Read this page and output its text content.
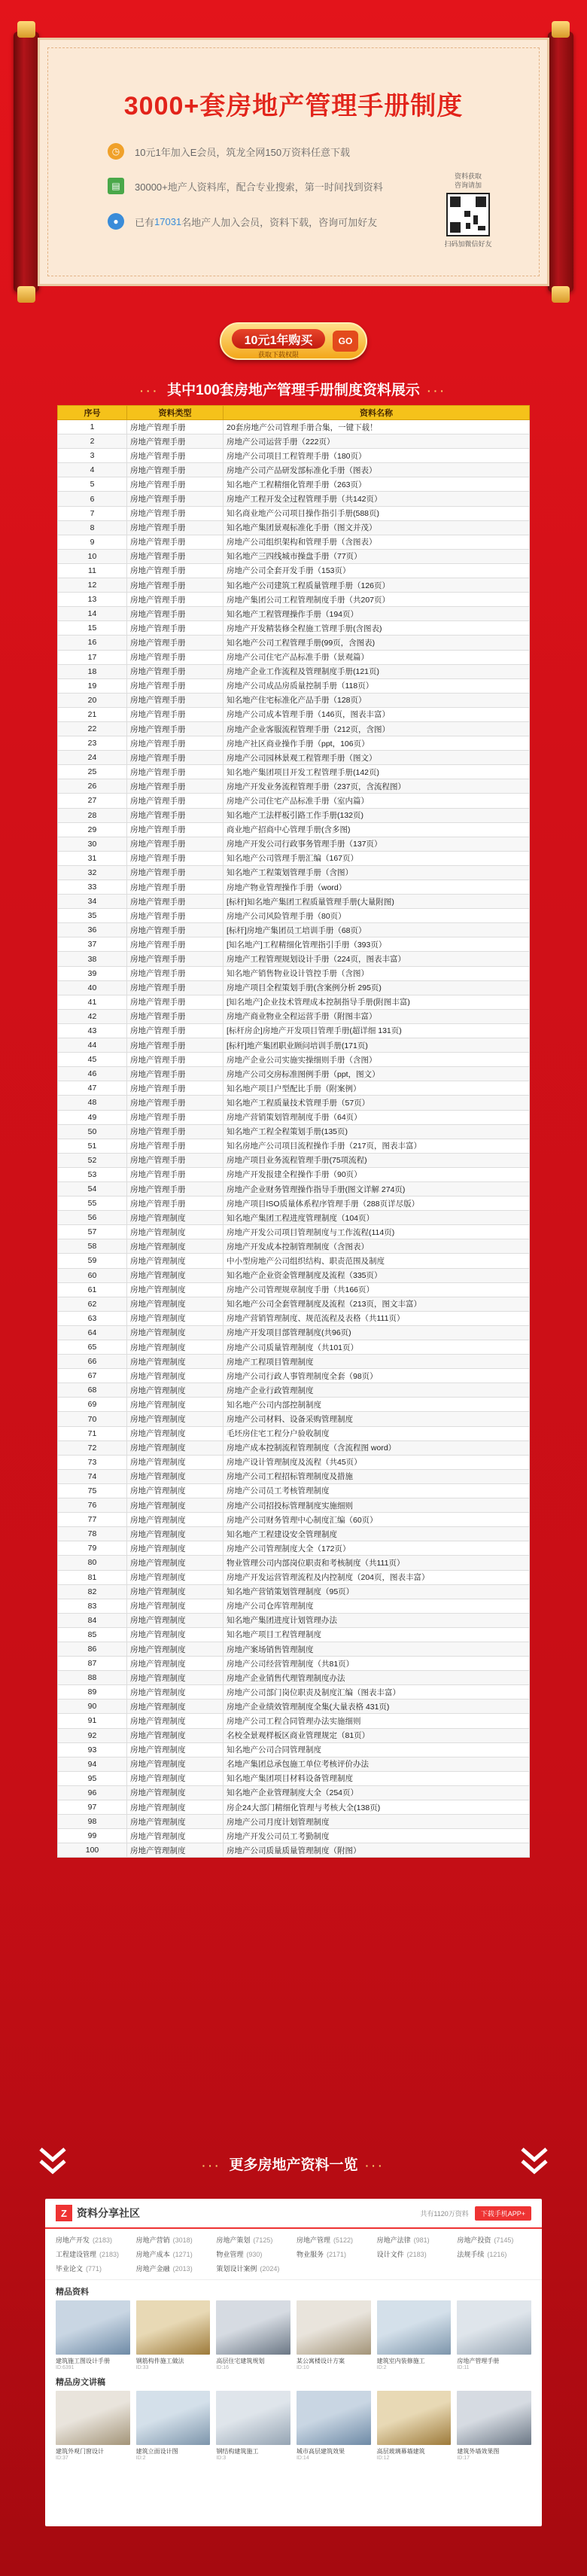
3000+套房地产管理手册制度
◷	10元1年加入E会员，筑龙全网150万资料任意下载
▤	30000+地产人资料库，配合专业搜索，第一时间找到资料
●	已有 17031 名地产人加入会员，资料下载，咨询可加好友
资料获取
咨询请加
扫码加微信好友
10元1年购买
获取下载权限
GO
··· 其中100套房地产管理手册制度资料展示 ···
序号	资料类型	资料名称
1	房地产管理手册	20套房地产公司管理手册合集，一键下载！
2	房地产管理手册	房地产公司运营手册（222页）
3	房地产管理手册	房地产公司项目工程管理手册（180页）
4	房地产管理手册	房地产公司产品研发部标准化手册（图表）
5	房地产管理手册	知名地产工程精细化管理手册（263页）
6	房地产管理手册	房地产工程开发全过程管理手册（共142页）
7	房地产管理手册	知名商业地产公司项目操作指引手册(588页)
8	房地产管理手册	知名地产集团景观标准化手册（图文并茂）
9	房地产管理手册	房地产公司组织架构和管理手册（含图表）
10	房地产管理手册	知名地产三四线城市操盘手册（77页）
11	房地产管理手册	房地产公司全套开发手册（153页）
12	房地产管理手册	知名地产公司建筑工程质量管理手册（126页）
13	房地产管理手册	房地产集团公司工程管理制度手册（共207页）
14	房地产管理手册	知名地产工程管理操作手册（194页）
15	房地产管理手册	房地产开发精装修全程施工管理手册(含图表)
16	房地产管理手册	知名地产公司工程管理手册(99页，含图表)
17	房地产管理手册	房地产公司住宅产品标准手册（景观篇）
18	房地产管理手册	房地产企业工作流程及管理制度手册(121页)
19	房地产管理手册	房地产公司成品房质量控制手册（118页）
20	房地产管理手册	知名地产住宅标准化产品手册（128页）
21	房地产管理手册	房地产公司成本管理手册（146页，图表丰富）
22	房地产管理手册	房地产企业客服流程管理手册（212页，含图）
23	房地产管理手册	房地产社区商业操作手册（ppt，106页）
24	房地产管理手册	房地产公司园林景观工程管理手册（图文）
25	房地产管理手册	知名地产集团项目开发工程管理手册(142页)
26	房地产管理手册	房地产开发业务流程管理手册（237页，含流程图）
27	房地产管理手册	房地产公司住宅产品标准手册（室内篇）
28	房地产管理手册	知名地产工法样板引路工作手册(132页)
29	房地产管理手册	商业地产招商中心管理手册(含多图)
30	房地产管理手册	房地产开发公司行政事务管理手册（137页）
31	房地产管理手册	知名地产公司管理手册汇编（167页）
32	房地产管理手册	知名地产工程策划管理手册（含图）
33	房地产管理手册	房地产物业管理操作手册（word）
34	房地产管理手册	[标杆]知名地产集团工程质量管理手册(大量附图)
35	房地产管理手册	房地产公司风险管理手册（80页）
36	房地产管理手册	[标杆]房地产集团员工培训手册（68页）
37	房地产管理手册	[知名地产]工程精细化管理指引手册（393页）
38	房地产管理手册	房地产工程管理规划设计手册（224页，图表丰富）
39	房地产管理手册	知名地产销售物业设计管控手册（含图）
40	房地产管理手册	房地产项目全程策划手册(含案例分析 295页)
41	房地产管理手册	[知名地产]企业技术管理成本控制指导手册(附图丰富)
42	房地产管理手册	房地产商业物业全程运营手册（附图丰富）
43	房地产管理手册	[标杆房企]房地产开发项目管理手册(超详细 131页)
44	房地产管理手册	[标杆]地产集团职业顾问培训手册(171页)
45	房地产管理手册	房地产企业公司实施实操细则手册（含图）
46	房地产管理手册	房地产公司交房标准图例手册（ppt，图文）
47	房地产管理手册	知名地产项目户型配比手册（附案例）
48	房地产管理手册	知名地产工程质量技术管理手册（57页）
49	房地产管理手册	房地产营销策划管理制度手册（64页）
50	房地产管理手册	知名地产工程全程策划手册(135页)
51	房地产管理手册	知名房地产公司项目流程操作手册（217页，图表丰富）
52	房地产管理手册	房地产项目业务流程管理手册(75项流程)
53	房地产管理手册	房地产开发报建全程操作手册（90页）
54	房地产管理手册	房地产企业财务管理操作指导手册(图文详解 274页)
55	房地产管理手册	房地产项目ISO质量体系程序管理手册（288页详尽版）
56	房地产管理制度	知名地产集团工程进度管理制度（104页）
57	房地产管理制度	房地产开发公司项目管理制度与工作流程(114页)
58	房地产管理制度	房地产开发成本控制管理制度（含图表）
59	房地产管理制度	中小型房地产公司组织结构、职责范围及制度
60	房地产管理制度	知名地产企业资金管理制度及流程（335页）
61	房地产管理制度	房地产公司管理规章制度手册（共166页）
62	房地产管理制度	知名地产公司全套管理制度及流程（213页，图文丰富）
63	房地产管理制度	房地产营销管理制度、规范流程及表格（共111页）
64	房地产管理制度	房地产开发项目部管理制度(共96页)
65	房地产管理制度	房地产公司质量管理制度（共101页）
66	房地产管理制度	房地产工程项目管理制度
67	房地产管理制度	房地产公司行政人事管理制度全套（98页）
68	房地产管理制度	房地产企业行政管理制度
69	房地产管理制度	知名地产公司内部控制制度
70	房地产管理制度	房地产公司材料、设备采购管理制度
71	房地产管理制度	毛坯房住宅工程分户验收制度
72	房地产管理制度	房地产成本控制流程管理制度（含流程图 word）
73	房地产管理制度	房地产设计管理制度及流程（共45页）
74	房地产管理制度	房地产公司工程招标管理制度及措施
75	房地产管理制度	房地产公司员工考核管理制度
76	房地产管理制度	房地产公司招投标管理制度实施细则
77	房地产管理制度	房地产公司财务管理中心制度汇编（60页）
78	房地产管理制度	知名地产工程建设安全管理制度
79	房地产管理制度	房地产公司管理制度大全（172页）
80	房地产管理制度	物业管理公司内部岗位职责和考核制度（共111页）
81	房地产管理制度	房地产开发运营管理流程及内控制度（204页，图表丰富）
82	房地产管理制度	知名地产营销策划管理制度（95页）
83	房地产管理制度	房地产公司仓库管理制度
84	房地产管理制度	知名地产集团进度计划管理办法
85	房地产管理制度	知名地产项目工程管理制度
86	房地产管理制度	房地产案场销售管理制度
87	房地产管理制度	房地产公司经营管理制度（共81页）
88	房地产管理制度	房地产企业销售代理管理制度办法
89	房地产管理制度	房地产公司部门岗位职责及制度汇编（图表丰富）
90	房地产管理制度	房地产企业绩效管理制度全集(大量表格 431页)
91	房地产管理制度	房地产公司工程合同管理办法实施细则
92	房地产管理制度	名校全景观样板区商业管理规定（81页）
93	房地产管理制度	知名地产公司合同管理制度
94	房地产管理制度	名地产集团总承包施工单位考核评价办法
95	房地产管理制度	知名地产集团项目材料设备管理制度
96	房地产管理制度	知名地产企业管理制度大全（254页）
97	房地产管理制度	房企24大部门精细化管理与考核大全(138页)
98	房地产管理制度	房地产公司月度计划管理制度
99	房地产管理制度	房地产开发公司员工考勤制度
100	房地产管理制度	房地产公司质量质量管理制度（附图）
··· 更多房地产资料一览 ···
Z 资料分享社区	共有1120万资料	下载手机APP+
房地产开发 (2183)	房地产营销 (3018)	房地产策划 (7125)	房地产管理 (5122)	房地产法律 (981)	房地产投资 (7145)
工程建设管理 (2183)	房地产成本 (1271)	物业管理 (930)	物业服务 (2171)	设计文件 (2183)	法规手续 (1216)
毕业论文 (771)	房地产金融 (2013)	策划设计案例 (2024)
精品资料
建筑施工图设计手册
ID:6391
钢筋构件施工做法
ID:33
高层住宅建筑规划
ID:16
某公寓楼设计方案
ID:10
建筑室内装修施工
ID:2
房地产管理手册
ID:11
精品房文讲稿
建筑外观门窗设计
ID:37
建筑立面设计图
ID:2
钢结构建筑施工
ID:3
城市高层建筑效果
ID:14
高层玻璃幕墙建筑
ID:12
建筑外墙效果图
ID:17
